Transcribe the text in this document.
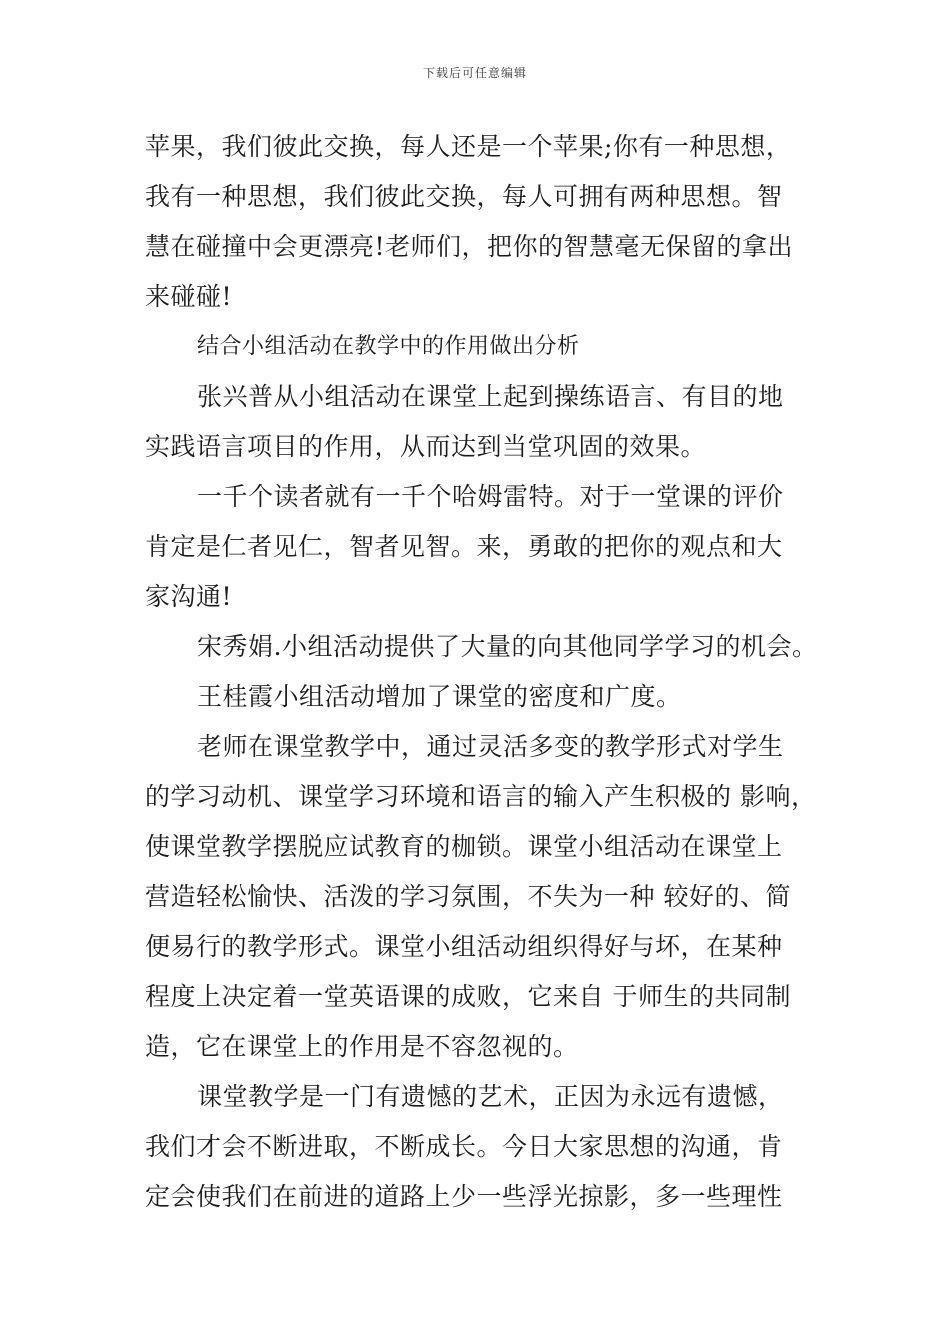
下载后可任意编辑
苹果，我们彼此交换，每人还是一个苹果;你有一种思想，
我有一种思想，我们彼此交换，每人可拥有两种思想。智
慧在碰撞中会更漂亮!老师们，把你的智慧毫无保留的拿出
来碰碰!
结合小组活动在教学中的作用做出分析
张兴普从小组活动在课堂上起到操练语言、有目的地
实践语言项目的作用，从而达到当堂巩固的效果。
一千个读者就有一千个哈姆雷特。对于一堂课的评价
肯定是仁者见仁，智者见智。来，勇敢的把你的观点和大
家沟通!
宋秀娟.小组活动提供了大量的向其他同学学习的机会。
王桂霞小组活动增加了课堂的密度和广度。
老师在课堂教学中，通过灵活多变的教学形式对学生
的学习动机、课堂学习环境和语言的输入产生积极的 影响，
使课堂教学摆脱应试教育的枷锁。课堂小组活动在课堂上
营造轻松愉快、活泼的学习氛围，不失为一种 较好的、简
便易行的教学形式。课堂小组活动组织得好与坏，在某种
程度上决定着一堂英语课的成败，它来自 于师生的共同制
造，它在课堂上的作用是不容忽视的。
课堂教学是一门有遗憾的艺术，正因为永远有遗憾，
我们才会不断进取，不断成长。今日大家思想的沟通，肯
定会使我们在前进的道路上少一些浮光掠影，多一些理性
